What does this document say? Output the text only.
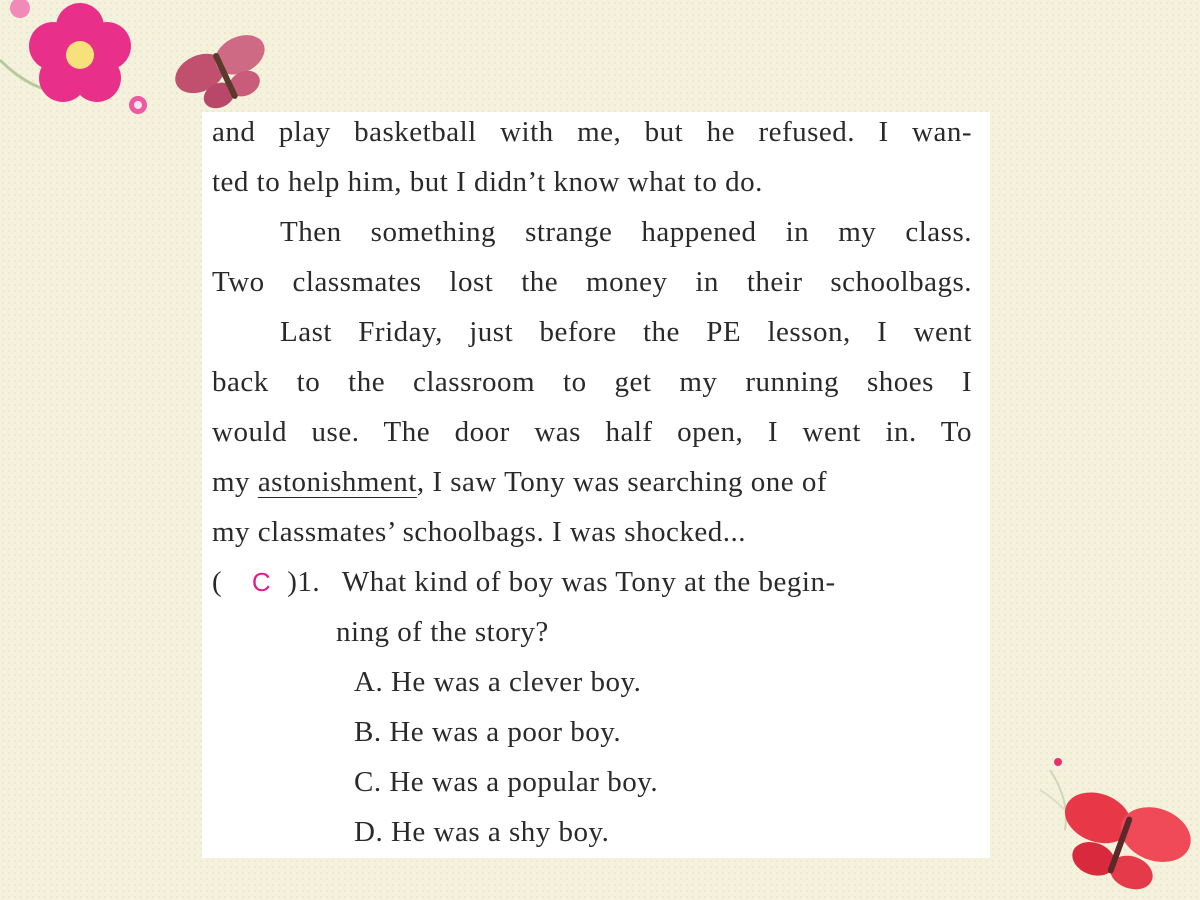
and play basketball with me, but he refused. I wan-
ted to help him, but I didn’t know what to do.
Then something strange happened in my class.
Two classmates lost the money in their schoolbags.
Last Friday, just before the PE lesson, I went
back to the classroom to get my running shoes I
would use. The door was half open, I went in. To
my astonishment, I saw Tony was searching one of
my classmates’ schoolbags. I was shocked...
( C )1. What kind of boy was Tony at the begin-
ning of the story?
A. He was a clever boy.
B. He was a poor boy.
C. He was a popular boy.
D. He was a shy boy.
